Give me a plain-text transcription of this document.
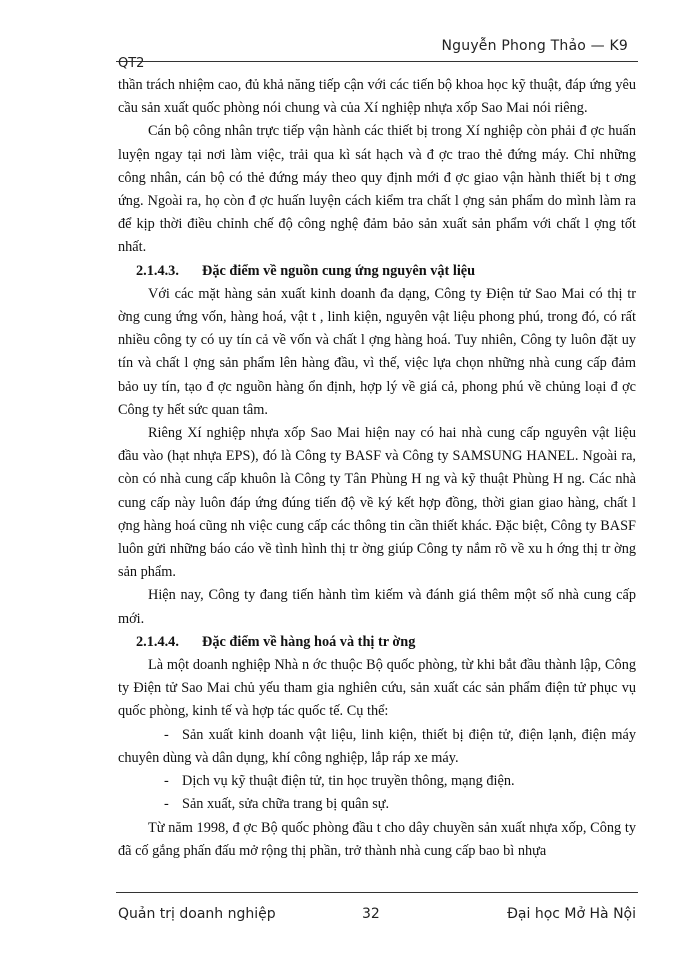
Nguyễn Phong Thảo — K9
QT2

thần trách nhiệm cao, đủ khả năng tiếp cận với các tiến bộ khoa học kỹ thuật, đáp ứng yêu cầu sản xuất quốc phòng nói chung và của Xí nghiệp nhựa xốp Sao Mai nói riêng.

Cán bộ công nhân trực tiếp vận hành các thiết bị trong Xí nghiệp còn phải đ ợc huấn luyện ngay tại nơi làm việc, trải qua kì sát hạch và đ ợc trao thẻ đứng máy. Chỉ những công nhân, cán bộ có thẻ đứng máy theo quy định mới đ ợc giao vận hành thiết bị t ơng ứng. Ngoài ra, họ còn đ ợc huấn luyện cách kiểm tra chất l ợng sản phẩm do mình làm ra để kịp thời điều chỉnh chế độ công nghệ đảm bảo sản xuất sản phẩm với chất l ợng tốt nhất.

2.1.4.3. Đặc điểm về nguồn cung ứng nguyên vật liệu

Với các mặt hàng sản xuất kinh doanh đa dạng, Công ty Điện tử Sao Mai có thị tr ờng cung ứng vốn, hàng hoá, vật t , linh kiện, nguyên vật liệu phong phú, trong đó, có rất nhiều công ty có uy tín cả về vốn và chất l ợng hàng hoá. Tuy nhiên, Công ty luôn đặt uy tín và chất l ợng sản phẩm lên hàng đầu, vì thế, việc lựa chọn những nhà cung cấp đảm bảo uy tín, tạo đ ợc nguồn hàng ổn định, hợp lý về giá cả, phong phú về chủng loại đ ợc Công ty hết sức quan tâm.

Riêng Xí nghiệp nhựa xốp Sao Mai hiện nay có hai nhà cung cấp nguyên vật liệu đầu vào (hạt nhựa EPS), đó là Công ty BASF và Công ty SAMSUNG HANEL. Ngoài ra, còn có nhà cung cấp khuôn là Công ty Tân Phùng H ng và kỹ thuật Phùng H ng. Các nhà cung cấp này luôn đáp ứng đúng tiến độ về ký kết hợp đồng, thời gian giao hàng, chất l ợng hàng hoá cũng nh việc cung cấp các thông tin cần thiết khác. Đặc biệt, Công ty BASF luôn gửi những báo cáo về tình hình thị tr ờng giúp Công ty nắm rõ về xu h ớng thị tr ờng sản phẩm.

Hiện nay, Công ty đang tiến hành tìm kiếm và đánh giá thêm một số nhà cung cấp mới.

2.1.4.4. Đặc điểm về hàng hoá và thị tr ờng

Là một doanh nghiệp Nhà n ớc thuộc Bộ quốc phòng, từ khi bắt đầu thành lập, Công ty Điện tử Sao Mai chủ yếu tham gia nghiên cứu, sản xuất các sản phẩm điện tử phục vụ quốc phòng, kinh tế và hợp tác quốc tế. Cụ thể:

- Sản xuất kinh doanh vật liệu, linh kiện, thiết bị điện tử, điện lạnh, điện máy chuyên dùng và dân dụng, khí công nghiệp, lắp ráp xe máy.

- Dịch vụ kỹ thuật điện tử, tin học truyền thông, mạng điện.

- Sản xuất, sửa chữa trang bị quân sự.

Từ năm 1998, đ ợc Bộ quốc phòng đầu t cho dây chuyền sản xuất nhựa xốp, Công ty đã cố gắng phấn đấu mở rộng thị phần, trở thành nhà cung cấp bao bì nhựa

Quản trị doanh nghiệp	32	Đại học Mở Hà Nội
